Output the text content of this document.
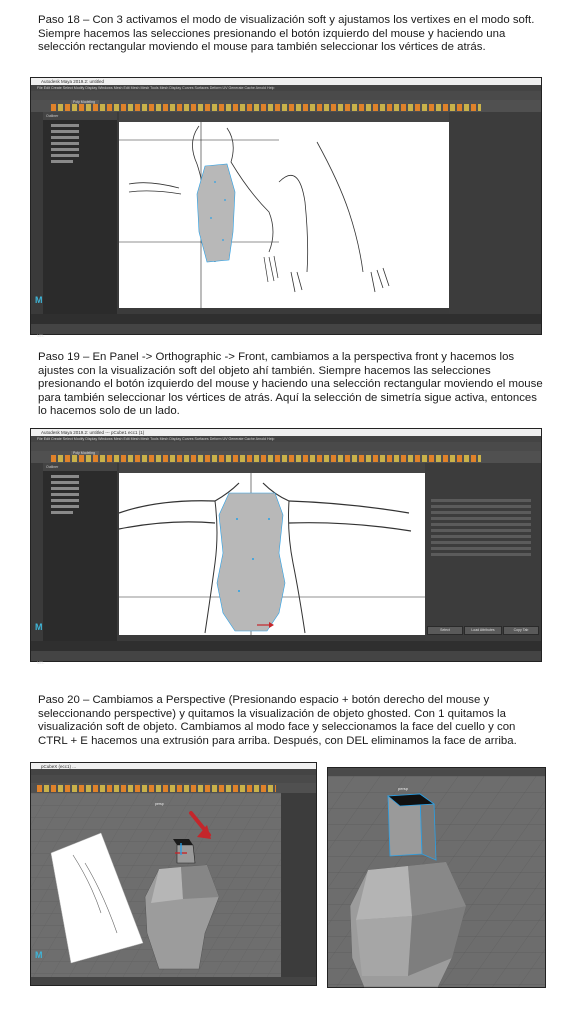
Paso 18 – Con 3 activamos el modo de visualización soft y ajustamos los vertixes en el modo soft. Siempre hacemos las selecciones presionando el botón izquierdo del mouse y haciendo una selección rectangular moviendo el mouse para también seleccionar los vértices de atrás.

Paso 19 – En Panel -> Orthographic -> Front, cambiamos a la perspectiva front y hacemos los ajustes con la visualización soft del objeto ahí también. Siempre hacemos las selecciones presionando el botón izquierdo del mouse y haciendo una selección rectangular moviendo el mouse para también seleccionar los vértices de atrás. Aquí la selección de simetría sigue activa, entonces lo hacemos solo de un lado.

Paso 20 – Cambiamos a Perspective (Presionando espacio + botón derecho del mouse y seleccionando perspective) y quitamos la visualización de objeto ghosted. Con 1 quitamos la visualización soft de objeto. Cambiamos al modo face y seleccionamos la face del cuello y con CTRL + E hacemos una extrusión para arriba. Después, con DEL eliminamos la face de arriba.

Autodesk Maya 2019.2: untitled
File Edit Create Select Modify Display Windows Mesh Edit Mesh Mesh Tools Mesh Display Curves Surfaces Deform UV Generate Cache Arnold Help
Poly Modeling
Outliner
MEL
M
Autodesk Maya 2019.2: untitled --- pCube1 ecc1 (1)
File Edit Create Select Modify Display Windows Mesh Edit Mesh Mesh Tools Mesh Display Curves Surfaces Deform UV Generate Cache Arnold Help
Poly Modeling
Outliner
Select	Load Attributes	Copy Tab
MEL
M
pCubeX (ecc1) ...
persp
M
persp
